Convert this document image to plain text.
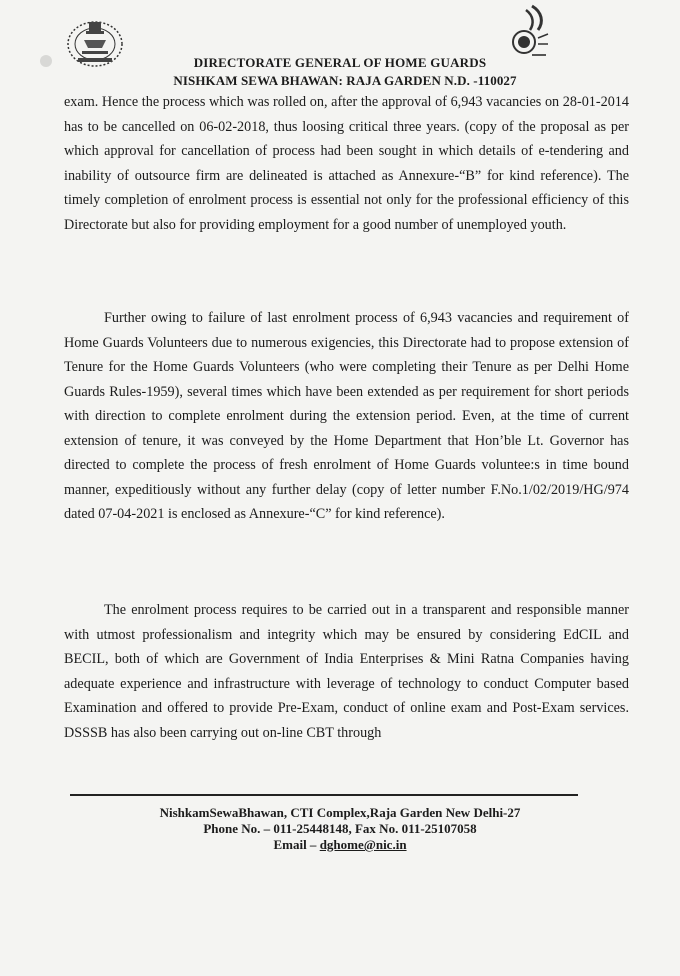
DIRECTORATE GENERAL OF HOME GUARDS
NISHKAM SEWA BHAWAN: RAJA GARDEN N.D. -110027
exam. Hence the process which was rolled on, after the approval of 6,943 vacancies on 28-01-2014 has to be cancelled on 06-02-2018, thus loosing critical three years. (copy of the proposal as per which approval for cancellation of process had been sought in which details of e-tendering and inability of outsource firm are delineated is attached as Annexure-“B” for kind reference). The timely completion of enrolment process is essential not only for the professional efficiency of this Directorate but also for providing employment for a good number of unemployed youth.
Further owing to failure of last enrolment process of 6,943 vacancies and requirement of Home Guards Volunteers due to numerous exigencies, this Directorate had to propose extension of Tenure for the Home Guards Volunteers (who were completing their Tenure as per Delhi Home Guards Rules-1959), several times which have been extended as per requirement for short periods with direction to complete enrolment during the extension period. Even, at the time of current extension of tenure, it was conveyed by the Home Department that Hon’ble Lt. Governor has directed to complete the process of fresh enrolment of Home Guards voluntee:s in time bound manner, expeditiously without any further delay (copy of letter number F.No.1/02/2019/HG/974 dated 07-04-2021 is enclosed as Annexure-“C” for kind reference).
The enrolment process requires to be carried out in a transparent and responsible manner with utmost professionalism and integrity which may be ensured by considering EdCIL and BECIL, both of which are Government of India Enterprises & Mini Ratna Companies having adequate experience and infrastructure with leverage of technology to conduct Computer based Examination and offered to provide Pre-Exam, conduct of online exam and Post-Exam services. DSSSB has also been carrying out on-line CBT through
NishkamSewaBhawan, CTI Complex,Raja Garden New Delhi-27
Phone No. – 011-25448148, Fax No. 011-25107058
Email – dghome@nic.in
